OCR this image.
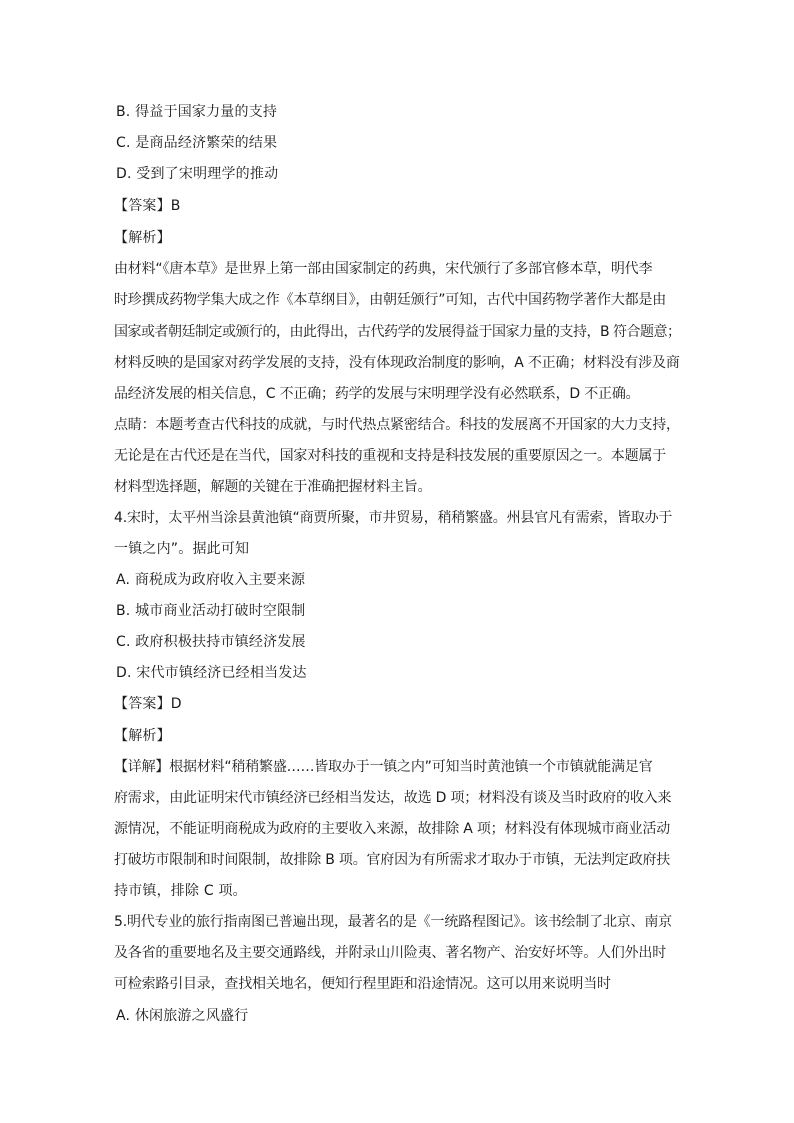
B. 得益于国家力量的支持
C. 是商品经济繁荣的结果
D. 受到了宋明理学的推动
【答案】B
【解析】
由材料“《唐本草》是世界上第一部由国家制定的药典，宋代颁行了多部官修本草，明代李
时珍撰成药物学集大成之作《本草纲目》，由朝廷颁行”可知，古代中国药物学著作大都是由
国家或者朝廷制定或颁行的，由此得出，古代药学的发展得益于国家力量的支持，B 符合题意；
材料反映的是国家对药学发展的支持，没有体现政治制度的影响，A 不正确；材料没有涉及商
品经济发展的相关信息，C 不正确；药学的发展与宋明理学没有必然联系，D 不正确。
点睛：本题考查古代科技的成就，与时代热点紧密结合。科技的发展离不开国家的大力支持，
无论是在古代还是在当代，国家对科技的重视和支持是科技发展的重要原因之一。本题属于
材料型选择题，解题的关键在于准确把握材料主旨。
4.宋时，太平州当涂县黄池镇“商贾所聚，市井贸易，稍稍繁盛。州县官凡有需索，皆取办于
一镇之内”。据此可知
A. 商税成为政府收入主要来源
B. 城市商业活动打破时空限制
C. 政府积极扶持市镇经济发展
D. 宋代市镇经济已经相当发达
【答案】D
【解析】
【详解】根据材料“稍稍繁盛……皆取办于一镇之内”可知当时黄池镇一个市镇就能满足官
府需求，由此证明宋代市镇经济已经相当发达，故选 D 项；材料没有谈及当时政府的收入来
源情况，不能证明商税成为政府的主要收入来源，故排除 A 项；材料没有体现城市商业活动
打破坊市限制和时间限制，故排除 B 项。官府因为有所需求才取办于市镇，无法判定政府扶
持市镇，排除 C 项。
5.明代专业的旅行指南图已普遍出现，最著名的是《一统路程图记》。该书绘制了北京、南京
及各省的重要地名及主要交通路线，并附录山川险夷、著名物产、治安好坏等。人们外出时
可检索路引目录，查找相关地名，便知行程里距和沿途情况。这可以用来说明当时
A. 休闲旅游之风盛行
